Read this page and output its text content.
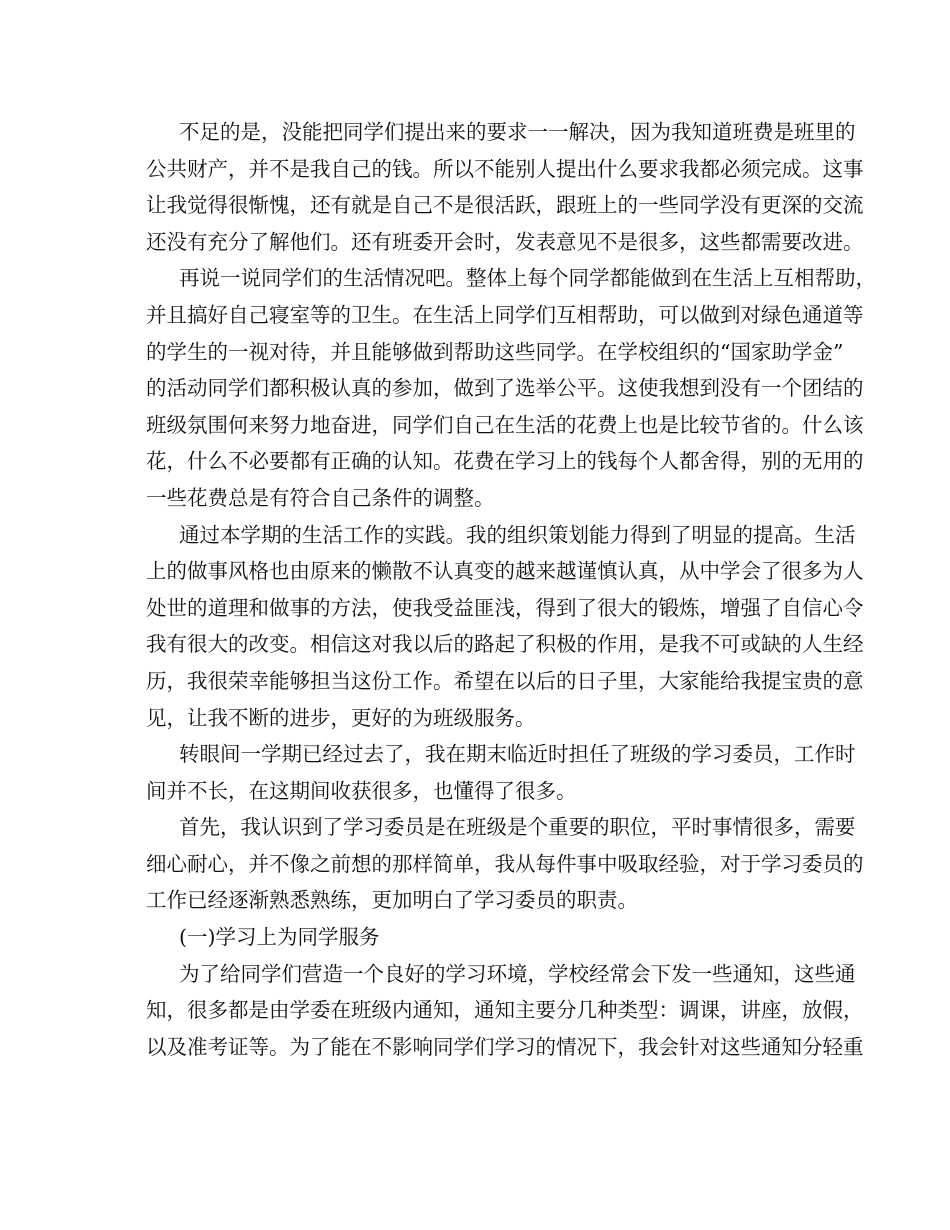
不足的是，没能把同学们提出来的要求一一解决，因为我知道班费是班里的
公共财产，并不是我自己的钱。所以不能别人提出什么要求我都必须完成。这事
让我觉得很惭愧，还有就是自己不是很活跃，跟班上的一些同学没有更深的交流
还没有充分了解他们。还有班委开会时，发表意见不是很多，这些都需要改进。
再说一说同学们的生活情况吧。整体上每个同学都能做到在生活上互相帮助，
并且搞好自己寝室等的卫生。在生活上同学们互相帮助，可以做到对绿色通道等
的学生的一视对待，并且能够做到帮助这些同学。在学校组织的“国家助学金”
的活动同学们都积极认真的参加，做到了选举公平。这使我想到没有一个团结的
班级氛围何来努力地奋进，同学们自己在生活的花费上也是比较节省的。什么该
花，什么不必要都有正确的认知。花费在学习上的钱每个人都舍得，别的无用的
一些花费总是有符合自己条件的调整。
通过本学期的生活工作的实践。我的组织策划能力得到了明显的提高。生活
上的做事风格也由原来的懒散不认真变的越来越谨慎认真，从中学会了很多为人
处世的道理和做事的方法，使我受益匪浅，得到了很大的锻炼，增强了自信心令
我有很大的改变。相信这对我以后的路起了积极的作用，是我不可或缺的人生经
历，我很荣幸能够担当这份工作。希望在以后的日子里，大家能给我提宝贵的意
见，让我不断的进步，更好的为班级服务。
转眼间一学期已经过去了，我在期末临近时担任了班级的学习委员，工作时
间并不长，在这期间收获很多，也懂得了很多。
首先，我认识到了学习委员是在班级是个重要的职位，平时事情很多，需要
细心耐心，并不像之前想的那样简单，我从每件事中吸取经验，对于学习委员的
工作已经逐渐熟悉熟练，更加明白了学习委员的职责。
(一)学习上为同学服务
为了给同学们营造一个良好的学习环境，学校经常会下发一些通知，这些通
知，很多都是由学委在班级内通知，通知主要分几种类型：调课，讲座，放假，
以及准考证等。为了能在不影响同学们学习的情况下，我会针对这些通知分轻重
